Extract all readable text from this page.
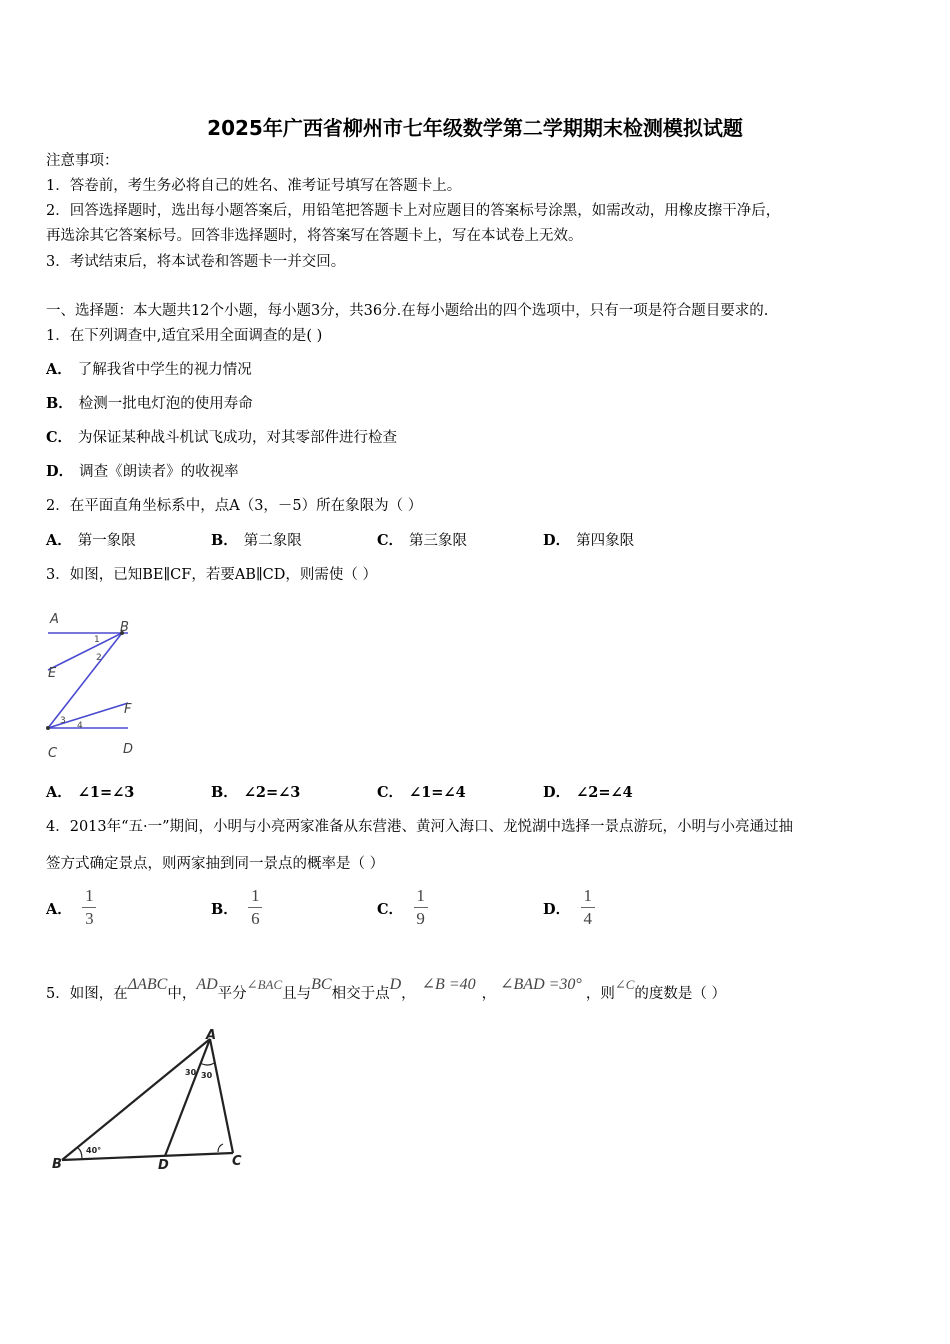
2025年广西省柳州市七年级数学第二学期期末检测模拟试题
注意事项：
1．答卷前，考生务必将自己的姓名、准考证号填写在答题卡上。
2．回答选择题时，选出每小题答案后，用铅笔把答题卡上对应题目的答案标号涂黑，如需改动，用橡皮擦干净后，
再选涂其它答案标号。回答非选择题时，将答案写在答题卡上，写在本试卷上无效。
3．考试结束后，将本试卷和答题卡一并交回。
一、选择题：本大题共12个小题，每小题3分，共36分.在每小题给出的四个选项中，只有一项是符合题目要求的.
1．在下列调查中,适宜采用全面调查的是( )
A． 了解我省中学生的视力情况
B． 检测一批电灯泡的使用寿命
C． 为保证某种战斗机试飞成功，对其零部件进行检查
D． 调查《朗读者》的收视率
2．在平面直角坐标系中，点A（3，－5）所在象限为（ ）
A． 第一象限	B． 第二象限	C． 第三象限	D． 第四象限
3．如图，已知BE∥CF，若要AB∥CD，则需使（ ）
A
B
E
F
C	D
1
2
3 4
A． ∠1=∠3	B． ∠2=∠3	C． ∠1=∠4	D． ∠2=∠4
4．2013年“五·一”期间，小明与小亮两家准备从东营港、黄河入海口、龙悦湖中选择一景点游玩，小明与小亮通过抽
签方式确定景点，则两家抽到同一景点的概率是（ ）
A． $\frac{1}{3}$	B． $\frac{1}{6}$	C． $\frac{1}{9}$	D． $\frac{1}{4}$
5．如图，在ΔABC中，AD平分∠BAC且与BC相交于点D，∠B =40，∠BAD =30°，则∠C的度数是（ ）
A
B	C
D
40°
30 30
